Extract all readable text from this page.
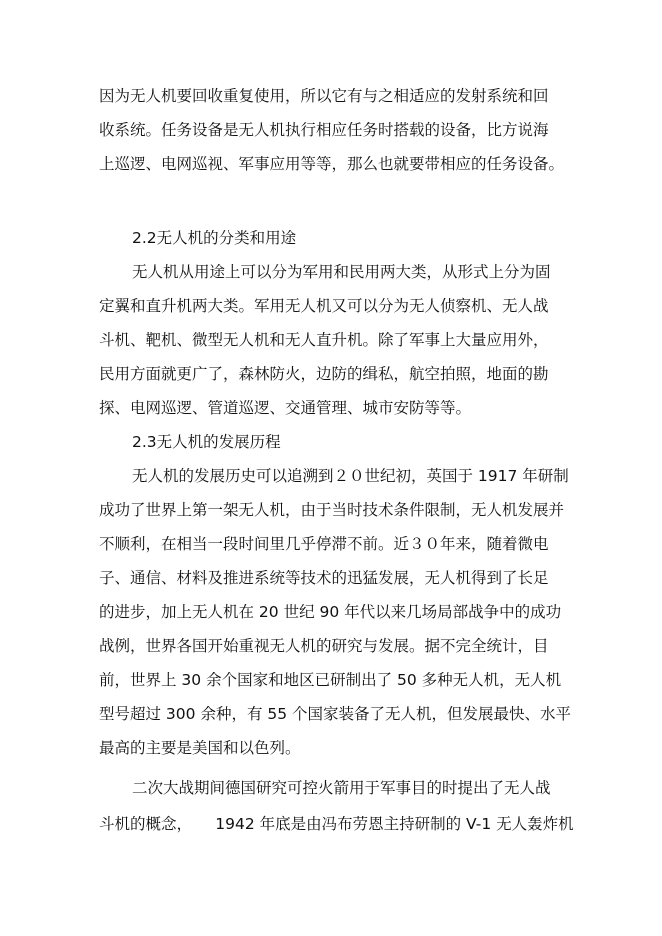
因为无人机要回收重复使用，所以它有与之相适应的发射系统和回
收系统。任务设备是无人机执行相应任务时搭载的设备，比方说海
上巡逻、电网巡视、军事应用等等，那么也就要带相应的任务设备。
2.2无人机的分类和用途
无人机从用途上可以分为军用和民用两大类，从形式上分为固
定翼和直升机两大类。军用无人机又可以分为无人侦察机、无人战
斗机、靶机、微型无人机和无人直升机。除了军事上大量应用外，
民用方面就更广了，森林防火，边防的缉私，航空拍照，地面的勘
探、电网巡逻、管道巡逻、交通管理、城市安防等等。
2.3无人机的发展历程
无人机的发展历史可以追溯到２０世纪初，英国于 1917 年研制
成功了世界上第一架无人机，由于当时技术条件限制，无人机发展并
不顺利，在相当一段时间里几乎停滞不前。近３０年来，随着微电
子、通信、材料及推进系统等技术的迅猛发展，无人机得到了长足
的进步，加上无人机在 20 世纪 90 年代以来几场局部战争中的成功
战例，世界各国开始重视无人机的研究与发展。据不完全统计，目
前，世界上 30 余个国家和地区已研制出了 50 多种无人机，无人机
型号超过 300 余种，有 55 个国家装备了无人机，但发展最快、水平
最高的主要是美国和以色列。
二次大战期间德国研究可控火箭用于军事目的时提出了无人战
斗机的概念，　　1942 年底是由冯布劳恩主持研制的 V-1 无人轰炸机
